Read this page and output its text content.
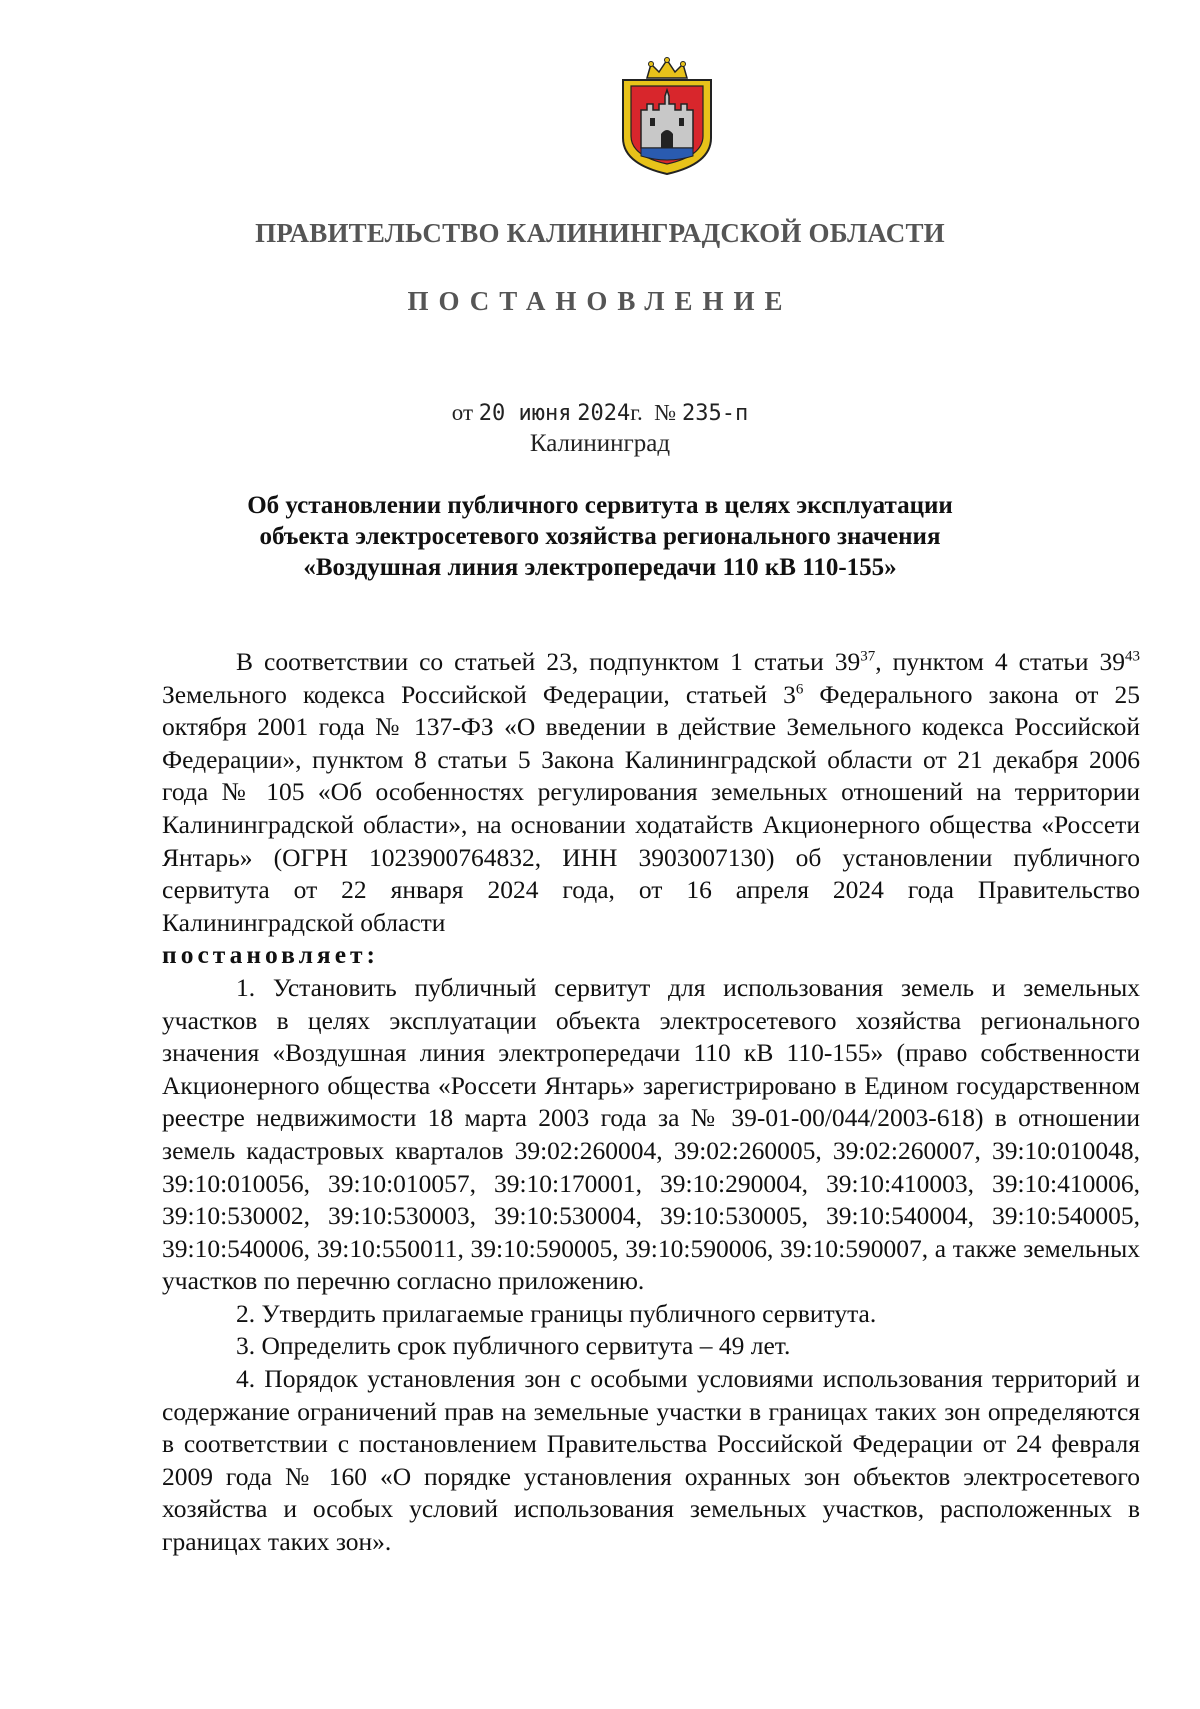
ПРАВИТЕЛЬСТВО КАЛИНИНГРАДСКОЙ ОБЛАСТИ
ПОСТАНОВЛЕНИЕ
от 20 июня 2024г. № 235-п
Калининград
Об установлении публичного сервитута в целях эксплуатации
объекта электросетевого хозяйства регионального значения
«Воздушная линия электропередачи 110 кВ 110-155»

В соответствии со статьей 23, подпунктом 1 статьи $39^{37}$, пунктом 4 статьи $39^{43}$ Земельного кодекса Российской Федерации, статьей $3^6$ Федерального закона от 25 октября 2001 года № 137-ФЗ «О введении в действие Земельного кодекса Российской Федерации», пунктом 8 статьи 5 Закона Калининградской области от 21 декабря 2006 года № 105 «Об особенностях регулирования земельных отношений на территории Калининградской области», на основании ходатайств Акционерного общества «Россети Янтарь» (ОГРН 1023900764832, ИНН 3903007130) об установлении публичного сервитута от 22 января 2024 года, от 16 апреля 2024 года Правительство Калининградской области

постановляет:

1. Установить публичный сервитут для использования земель и земельных участков в целях эксплуатации объекта электросетевого хозяйства регионального значения «Воздушная линия электропередачи 110 кВ 110-155» (право собственности Акционерного общества «Россети Янтарь» зарегистрировано в Едином государственном реестре недвижимости 18 марта 2003 года за № 39-01-00/044/2003-618) в отношении земель кадастровых кварталов 39:02:260004, 39:02:260005, 39:02:260007, 39:10:010048, 39:10:010056, 39:10:010057, 39:10:170001, 39:10:290004, 39:10:410003, 39:10:410006, 39:10:530002, 39:10:530003, 39:10:530004, 39:10:530005, 39:10:540004, 39:10:540005, 39:10:540006, 39:10:550011, 39:10:590005, 39:10:590006, 39:10:590007, а также земельных участков по перечню согласно приложению.

2. Утвердить прилагаемые границы публичного сервитута.

3. Определить срок публичного сервитута – 49 лет.

4. Порядок установления зон с особыми условиями использования территорий и содержание ограничений прав на земельные участки в границах таких зон определяются в соответствии с постановлением Правительства Российской Федерации от 24 февраля 2009 года № 160 «О порядке установления охранных зон объектов электросетевого хозяйства и особых условий использования земельных участков, расположенных в границах таких зон».
